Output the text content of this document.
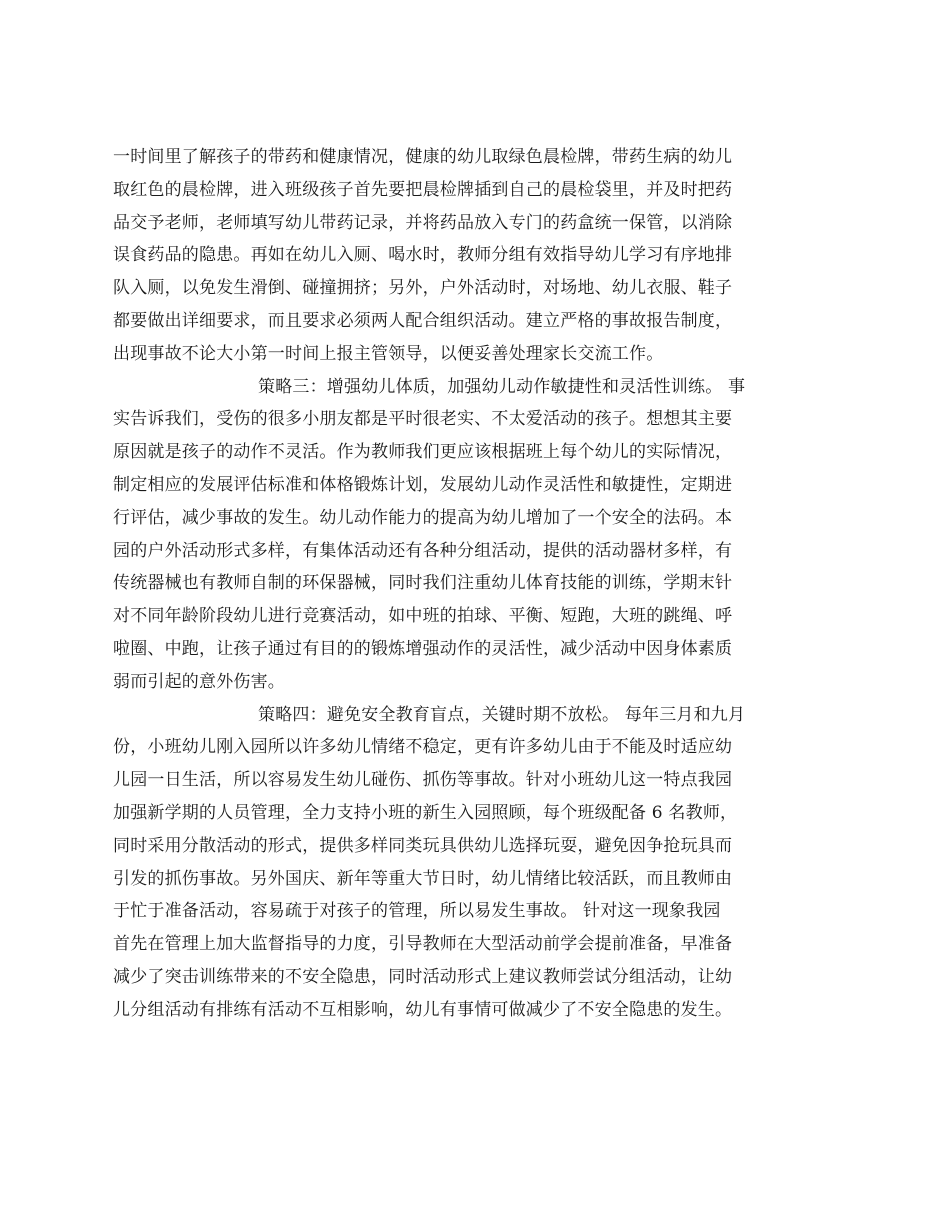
一时间里了解孩子的带药和健康情况，健康的幼儿取绿色晨检牌，带药生病的幼儿
取红色的晨检牌，进入班级孩子首先要把晨检牌插到自己的晨检袋里，并及时把药
品交予老师，老师填写幼儿带药记录，并将药品放入专门的药盒统一保管，以消除
误食药品的隐患。再如在幼儿入厕、喝水时，教师分组有效指导幼儿学习有序地排
队入厕，以免发生滑倒、碰撞拥挤；另外，户外活动时，对场地、幼儿衣服、鞋子
都要做出详细要求，而且要求必须两人配合组织活动。建立严格的事故报告制度，
出现事故不论大小第一时间上报主管领导，以便妥善处理家长交流工作。
策略三：增强幼儿体质，加强幼儿动作敏捷性和灵活性训练。 事
实告诉我们，受伤的很多小朋友都是平时很老实、不太爱活动的孩子。想想其主要
原因就是孩子的动作不灵活。作为教师我们更应该根据班上每个幼儿的实际情况，
制定相应的发展评估标准和体格锻炼计划，发展幼儿动作灵活性和敏捷性，定期进
行评估，减少事故的发生。幼儿动作能力的提高为幼儿增加了一个安全的法码。本
园的户外活动形式多样，有集体活动还有各种分组活动，提供的活动器材多样，有
传统器械也有教师自制的环保器械，同时我们注重幼儿体育技能的训练，学期末针
对不同年龄阶段幼儿进行竞赛活动，如中班的拍球、平衡、短跑，大班的跳绳、呼
啦圈、中跑，让孩子通过有目的的锻炼增强动作的灵活性，减少活动中因身体素质
弱而引起的意外伤害。
策略四：避免安全教育盲点，关键时期不放松。 每年三月和九月
份，小班幼儿刚入园所以许多幼儿情绪不稳定，更有许多幼儿由于不能及时适应幼
儿园一日生活，所以容易发生幼儿碰伤、抓伤等事故。针对小班幼儿这一特点我园
加强新学期的人员管理，全力支持小班的新生入园照顾，每个班级配备 6 名教师，
同时采用分散活动的形式，提供多样同类玩具供幼儿选择玩耍，避免因争抢玩具而
引发的抓伤事故。另外国庆、新年等重大节日时，幼儿情绪比较活跃，而且教师由
于忙于准备活动，容易疏于对孩子的管理，所以易发生事故。 针对这一现象我园
首先在管理上加大监督指导的力度，引导教师在大型活动前学会提前准备，早准备
减少了突击训练带来的不安全隐患，同时活动形式上建议教师尝试分组活动，让幼
儿分组活动有排练有活动不互相影响，幼儿有事情可做减少了不安全隐患的发生。
